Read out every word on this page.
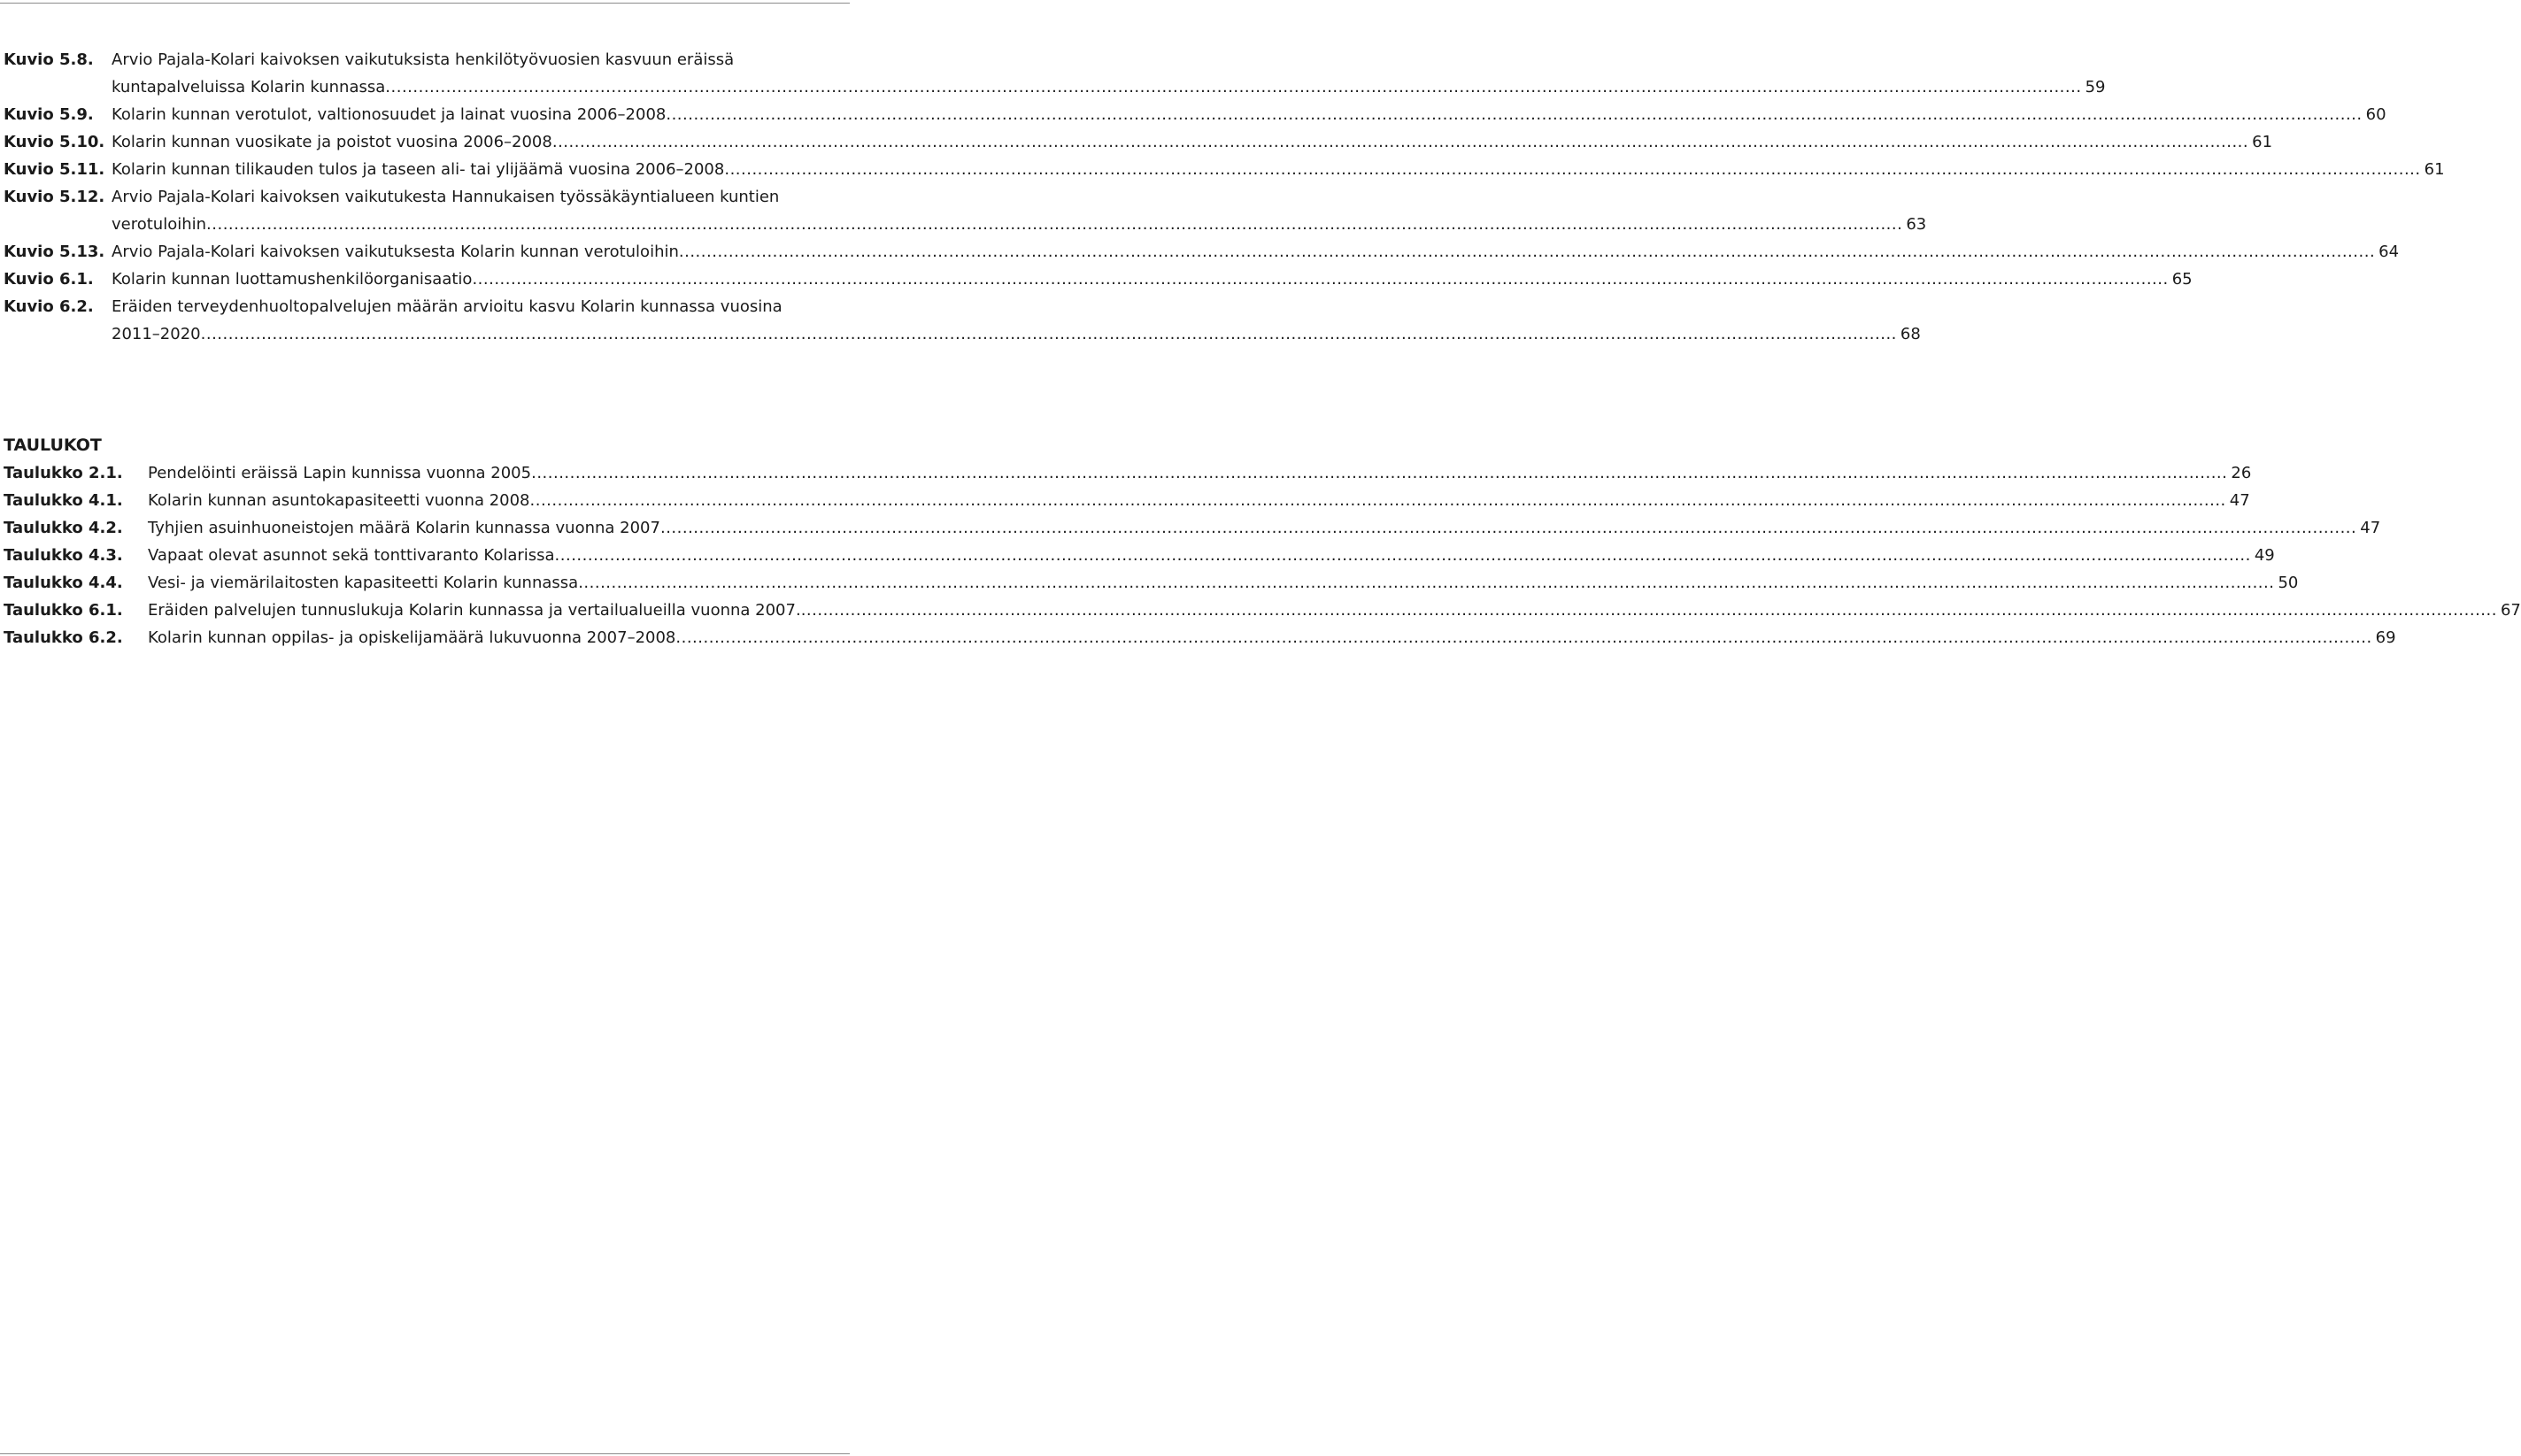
Kuvio 5.8.	Arvio Pajala-Kolari kaivoksen vaikutuksista henkilötyövuosien kasvuun eräissä
kuntapalveluissa Kolarin kunnassa .....	59
Kuvio 5.9.	Kolarin kunnan verotulot, valtionosuudet ja lainat vuosina 2006–2008 .....	60
Kuvio 5.10. Kolarin kunnan vuosikate ja poistot vuosina 2006–2008 .....	61
Kuvio 5.11. Kolarin kunnan tilikauden tulos ja taseen ali- tai ylijäämä vuosina 2006–2008 .....	61
Kuvio 5.12. Arvio Pajala-Kolari kaivoksen vaikutukesta Hannukaisen työssäkäyntialueen kuntien
verotuloihin .....	63
Kuvio 5.13. Arvio Pajala-Kolari kaivoksen vaikutuksesta Kolarin kunnan verotuloihin .....	64
Kuvio 6.1.	Kolarin kunnan luottamushenkilöorganisaatio .....	65
Kuvio 6.2.	Eräiden terveydenhuoltopalvelujen määrän arvioitu kasvu Kolarin kunnassa vuosina
2011–2020 .....	68
TAULUKOT
Taulukko 2.1.	Pendelöinti eräissä Lapin kunnissa vuonna 2005 .....	26
Taulukko 4.1.	Kolarin kunnan asuntokapasiteetti vuonna 2008 .....	47
Taulukko 4.2.	Tyhjien asuinhuoneistojen määrä Kolarin kunnassa vuonna 2007 .....	47
Taulukko 4.3.	Vapaat olevat asunnot sekä tonttivaranto Kolarissa .....	49
Taulukko 4.4.	Vesi- ja viemärilaitosten kapasiteetti Kolarin kunnassa .....	50
Taulukko 6.1.	Eräiden palvelujen tunnuslukuja Kolarin kunnassa ja vertailualueilla vuonna 2007. .....	67
Taulukko 6.2.	Kolarin kunnan oppilas- ja opiskelijamäärä lukuvuonna 2007–2008 .....	69
